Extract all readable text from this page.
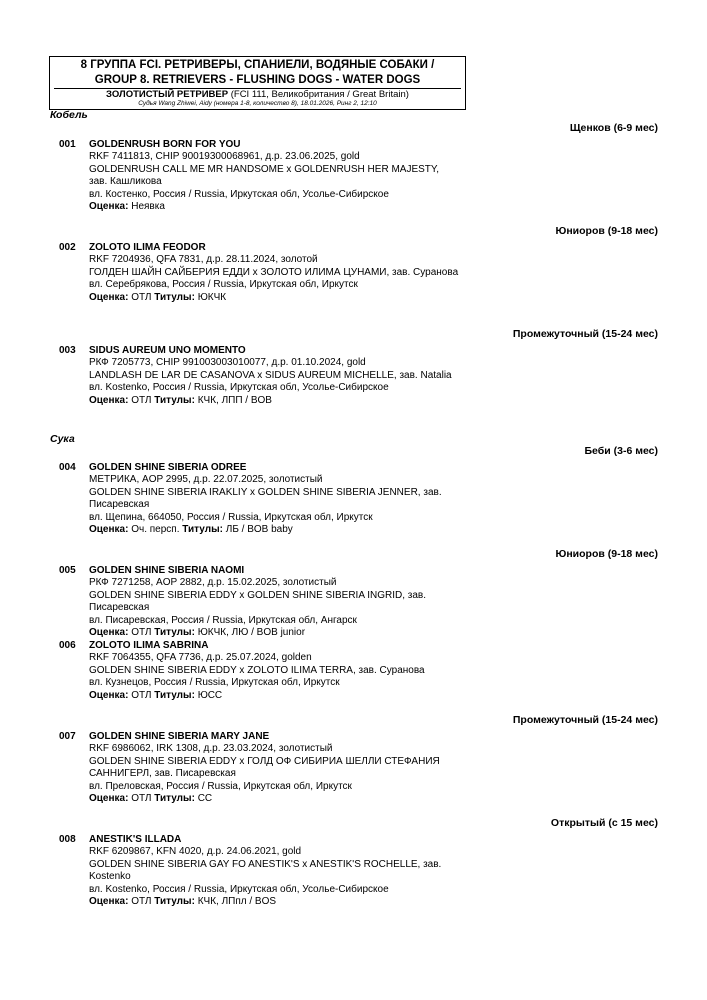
8 ГРУППА FCI. РЕТРИВЕРЫ, СПАНИЕЛИ, ВОДЯНЫЕ СОБАКИ /
GROUP 8. RETRIEVERS - FLUSHING DOGS - WATER DOGS
ЗОЛОТИСТЫЙ РЕТРИВЕР (FCI 111, Великобритания / Great Britain)
Судья Wang Zhiwei, Aidy (номера 1-8, количество 8), 18.01.2026, Ринг 2, 12:10
Кобель
Щенков (6-9 мес)
001 GOLDENRUSH BORN FOR YOU
RKF 7411813, CHIP 90019300068961, д.р. 23.06.2025, gold
GOLDENRUSH CALL ME MR HANDSOME x GOLDENRUSH HER MAJESTY, зав. Кашликова
вл. Костенко, Россия / Russia, Иркутская обл, Усолье-Сибирское
Оценка: Неявка
Юниоров (9-18 мес)
002 ZOLOTO ILIMA FEODOR
RKF 7204936, QFA 7831, д.р. 28.11.2024, золотой
ГОЛДЕН ШАЙН САЙБЕРИЯ ЕДДИ x ЗОЛОТО ИЛИМА ЦУНАМИ, зав. Суранова
вл. Серебрякова, Россия / Russia, Иркутская обл, Иркутск
Оценка: ОТЛ Титулы: ЮКЧК
Промежуточный (15-24 мес)
003 SIDUS AUREUM UNO MOMENTO
РКФ 7205773, CHIP 991003003010077, д.р. 01.10.2024, gold
LANDLASH DE LAR DE CASANOVA x SIDUS AUREUM MICHELLE, зав. Natalia
вл. Kostenko, Россия / Russia, Иркутская обл, Усолье-Сибирское
Оценка: ОТЛ Титулы: КЧК, ЛПП / BOB
Сука
Беби (3-6 мес)
004 GOLDEN SHINE SIBERIA ODREE
МЕТРИКА, AOP 2995, д.р. 22.07.2025, золотистый
GOLDEN SHINE SIBERIA IRAKLIY x GOLDEN SHINE SIBERIA JENNER, зав. Писаревская
вл. Щепина, 664050, Россия / Russia, Иркутская обл, Иркутск
Оценка: Оч. персп. Титулы: ЛБ / BOB baby
Юниоров (9-18 мес)
005 GOLDEN SHINE SIBERIA NAOMI
РКФ 7271258, AOP 2882, д.р. 15.02.2025, золотистый
GOLDEN SHINE SIBERIA EDDY x GOLDEN SHINE SIBERIA INGRID, зав. Писаревская
вл. Писаревская, Россия / Russia, Иркутская обл, Ангарск
Оценка: ОТЛ Титулы: ЮКЧК, ЛЮ / BOB junior
006 ZOLOTO ILIMA SABRINA
RKF 7064355, QFA 7736, д.р. 25.07.2024, golden
GOLDEN SHINE SIBERIA EDDY x ZOLOTO ILIMA TERRA, зав. Суранова
вл. Кузнецов, Россия / Russia, Иркутская обл, Иркутск
Оценка: ОТЛ Титулы: ЮСС
Промежуточный (15-24 мес)
007 GOLDEN SHINE SIBERIA MARY JANE
RKF 6986062, IRK 1308, д.р. 23.03.2024, золотистый
GOLDEN SHINE SIBERIA EDDY x ГОЛД ОФ СИБИРИА ШЕЛЛИ СТЕФАНИЯ САННИГЕРЛ, зав. Писаревская
вл. Преловская, Россия / Russia, Иркутская обл, Иркутск
Оценка: ОТЛ Титулы: СС
Открытый (с 15 мес)
008 ANESTIK'S ILLADA
RKF 6209867, KFN 4020, д.р. 24.06.2021, gold
GOLDEN SHINE SIBERIA GAY FO ANESTIK'S x ANESTIK'S ROCHELLE, зав. Kostenko
вл. Kostenko, Россия / Russia, Иркутская обл, Усолье-Сибирское
Оценка: ОТЛ Титулы: КЧК, ЛПпл / BOS
